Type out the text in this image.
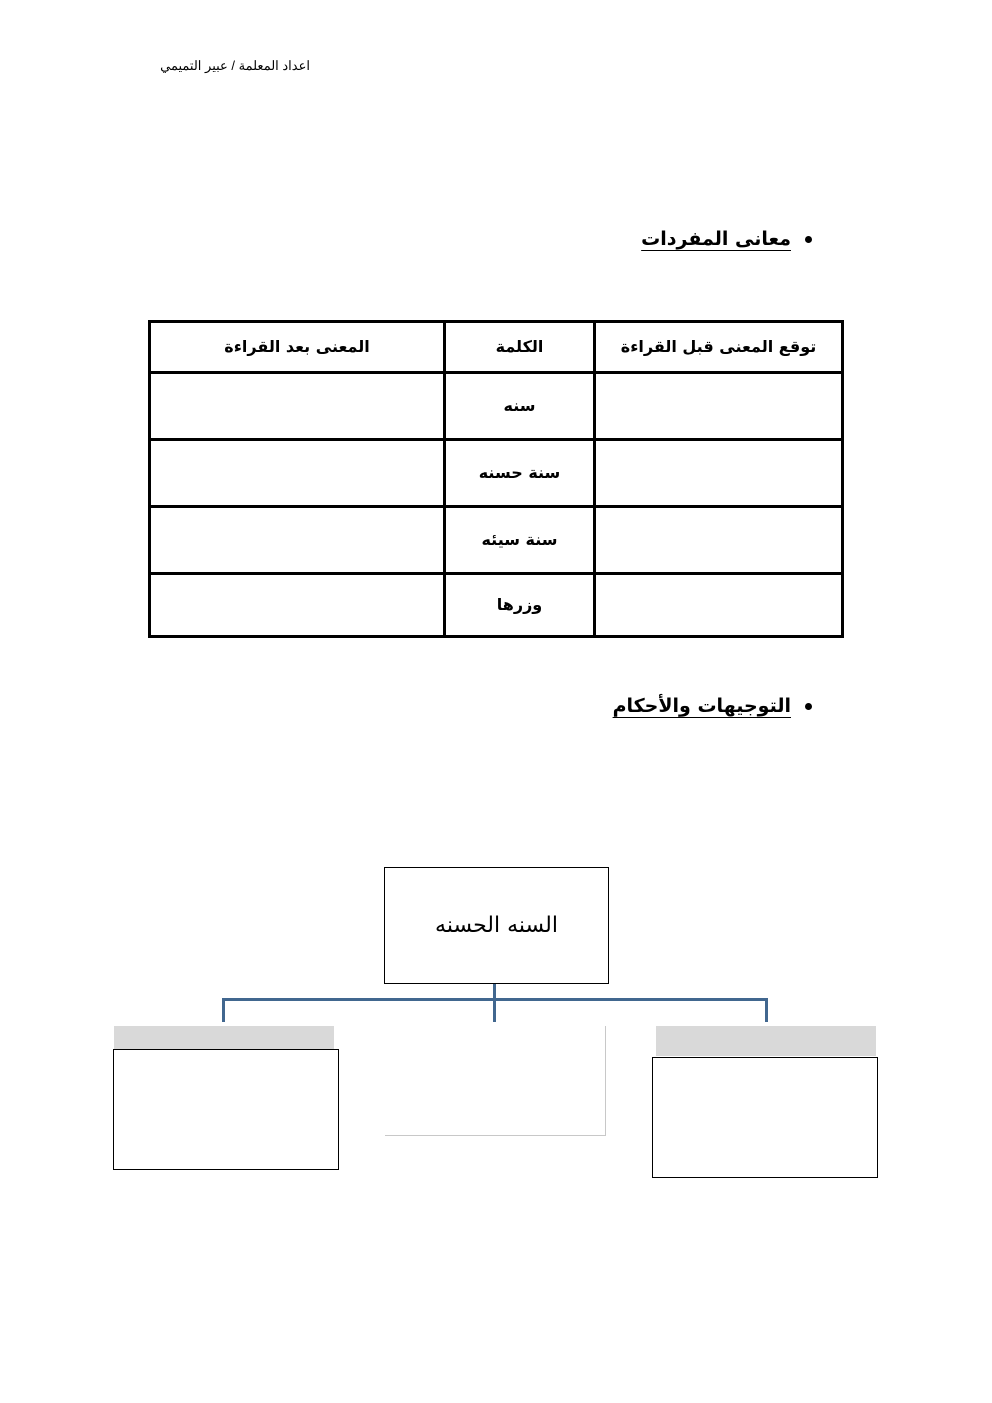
اعداد المعلمة / عبير التميمي
معانى المفردات
توقع المعنى قبل القراءة	الكلمة	المعنى بعد القراءة
	سنه	
	سنة حسنه	
	سنة سيئه	
	وزرها	
التوجيهات والأحكام
السنه الحسنه
